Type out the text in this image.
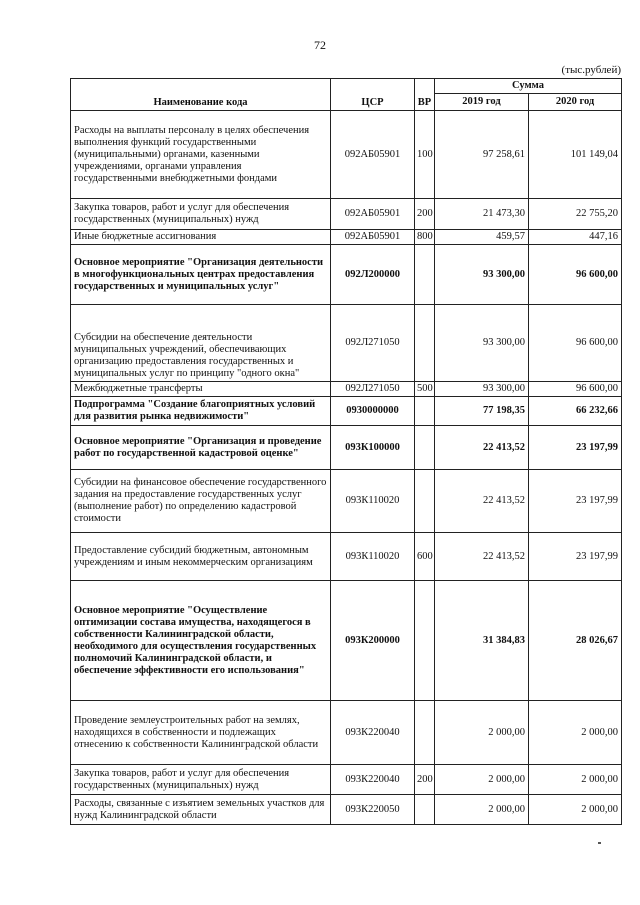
72
(тыс.рублей)
Наименование кода	ЦСР	ВР	Сумма	
			2019 год	2020 год
Расходы на выплаты персоналу в целях обеспечения выполнения функций государственными (муниципальными) органами, казенными учреждениями, органами управления государственными внебюджетными фондами	092АБ05901	100	97 258,61	101 149,04
Закупка товаров, работ и услуг для обеспечения государственных (муниципальных) нужд	092АБ05901	200	21 473,30	22 755,20
Иные бюджетные ассигнования	092АБ05901	800	459,57	447,16
Основное мероприятие "Организация деятельности в многофункциональных центрах предоставления государственных и муниципальных услуг"	092Л200000		93 300,00	96 600,00
Субсидии на обеспечение деятельности муниципальных учреждений, обеспечивающих организацию предоставления государственных и муниципальных услуг по принципу "одного окна"	092Л271050		93 300,00	96 600,00
Межбюджетные трансферты	092Л271050	500	93 300,00	96 600,00
Подпрограмма "Создание благоприятных условий для развития рынка недвижимости"	0930000000		77 198,35	66 232,66
Основное мероприятие "Организация и проведение работ по государственной кадастровой оценке"	093К100000		22 413,52	23 197,99
Субсидии на финансовое обеспечение государственного задания на предоставление государственных услуг (выполнение работ) по определению кадастровой стоимости	093К110020		22 413,52	23 197,99
Предоставление субсидий бюджетным, автономным учреждениям и иным некоммерческим организациям	093К110020	600	22 413,52	23 197,99
Основное мероприятие "Осуществление оптимизации состава имущества, находящегося в собственности Калининградской области, необходимого для осуществления государственных полномочий Калининградской области, и обеспечение эффективности его использования"	093К200000		31 384,83	28 026,67
Проведение землеустроительных работ на землях, находящихся в собственности и подлежащих отнесению к собственности Калининградской области	093К220040		2 000,00	2 000,00
Закупка товаров, работ и услуг для обеспечения государственных (муниципальных) нужд	093К220040	200	2 000,00	2 000,00
Расходы, связанные с изъятием земельных участков для нужд Калининградской области	093К220050		2 000,00	2 000,00
